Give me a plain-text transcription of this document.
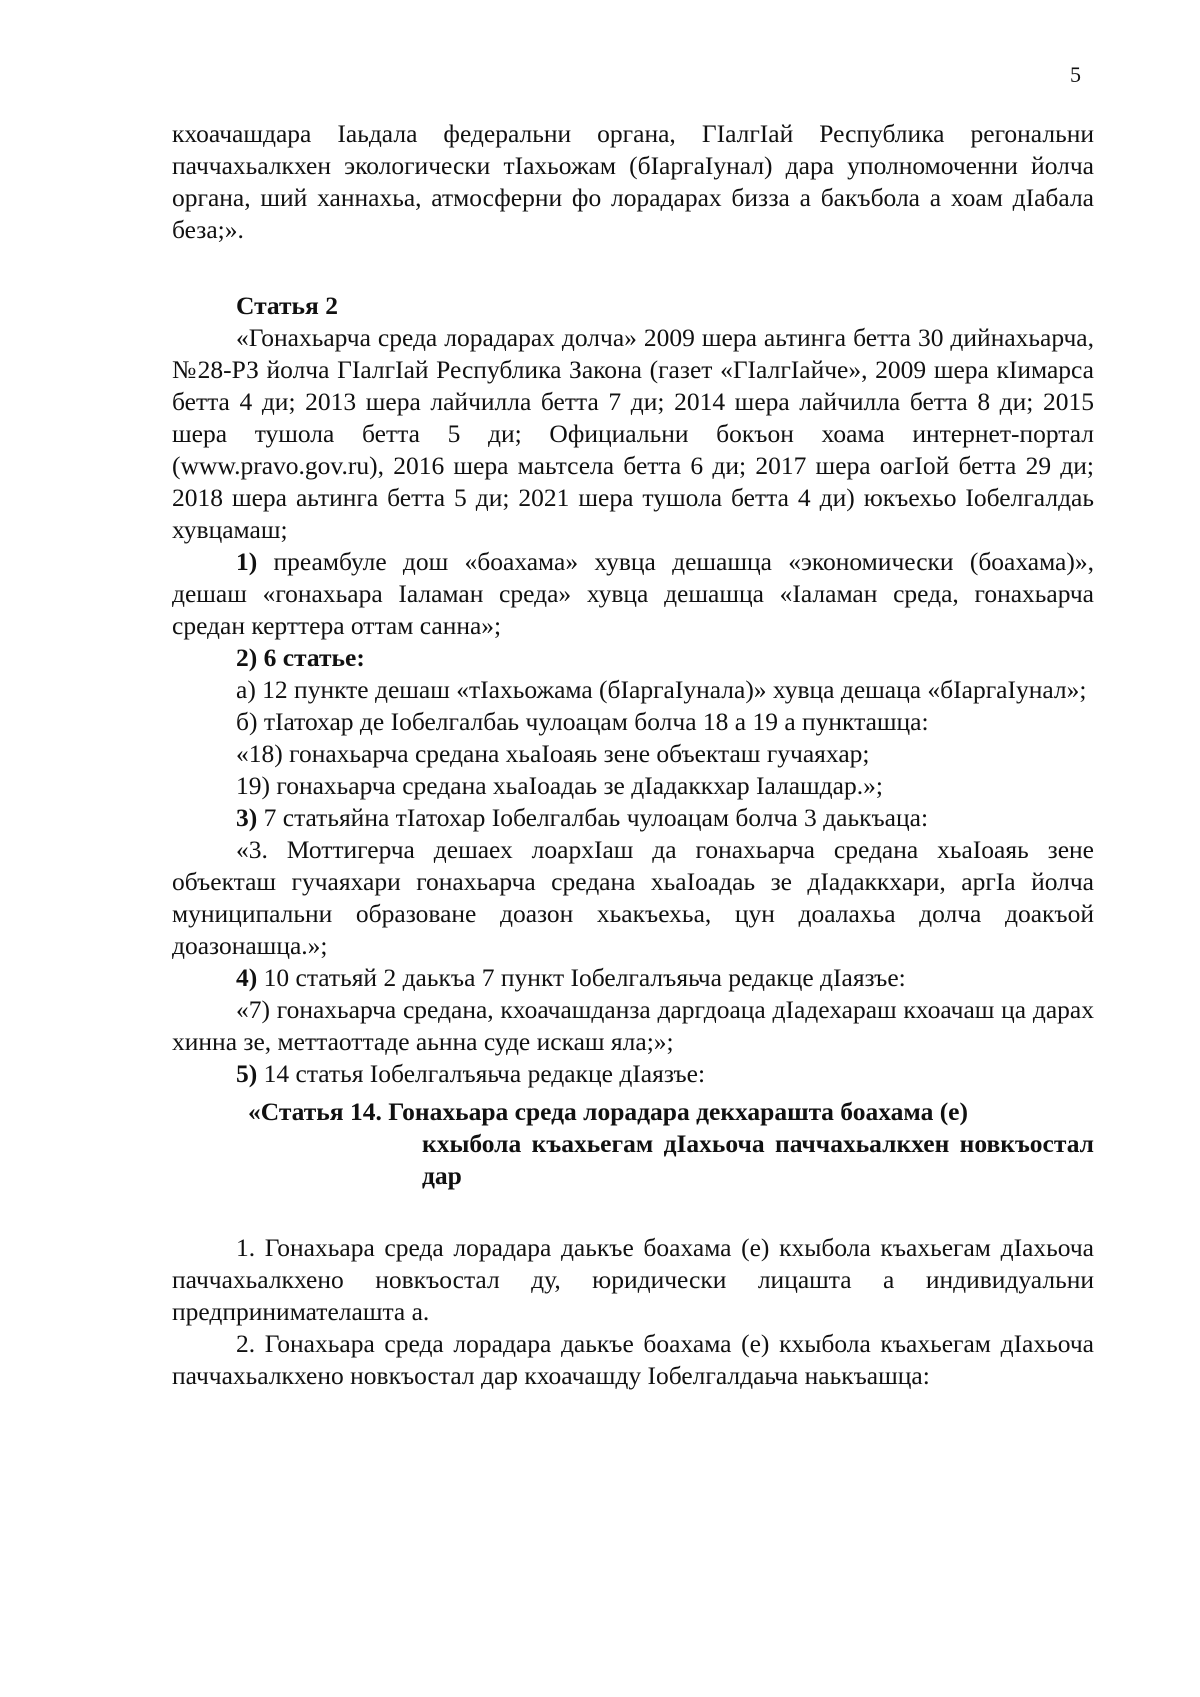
5

кхоачашдара Iаьдала федеральни органа, ГIалгIай Республика регональни паччахьалкхен экологически тIахьожам (бIаргаIунал) дара уполномоченни йолча органа, ший ханнахьа, атмосферни фо лорадарах бизза а бакъбола а хоам дIабала беза;».

Статья 2

«Гонахьарча среда лорадарах долча» 2009 шера аьтинга бетта 30 дийнахьарча, №28-РЗ йолча ГIалгIай Республика Закона (газет «ГIалгIайче», 2009 шера кIимарса бетта 4 ди; 2013 шера лайчилла бетта 7 ди; 2014 шера лайчилла бетта 8 ди; 2015 шера тушола бетта 5 ди; Официальни бокъон хоама интернет-портал (www.pravo.gov.ru), 2016 шера маьтсела бетта 6 ди; 2017 шера оагIой бетта 29 ди; 2018 шера аьтинга бетта 5 ди; 2021 шера тушола бетта 4 ди) юкъехьо Iобелгалдаь хувцамаш;

1) преамбуле дош «боахама» хувца дешашца «экономически (боахама)», дешаш «гонахьара Iаламан среда» хувца дешашца «Iаламан среда, гонахьарча средан керттера оттам санна»;

2) 6 статье:

а) 12 пункте дешаш «тIахьожама (бIаргаIунала)» хувца дешаца «бIаргаIунал»;

б) тIатохар де Iобелгалбаь чулоацам болча 18 а 19 а пункташца:

«18) гонахьарча средана хьаIоаяь зене объекташ гучаяхар;

19) гонахьарча средана хьаIоадаь зе дIадаккхар Iалашдар.»;

3) 7 статьяйна тIатохар Iобелгалбаь чулоацам болча 3 даькъаца:

«3. Моттигерча дешаех лоархIаш да гонахьарча средана хьаIоаяь зене объекташ гучаяхари гонахьарча средана хьаIоадаь зе дIадаккхари, аргIа йолча муниципальни образоване доазон хьакъехьа, цун доалахьа долча доакъой доазонашца.»;

4) 10 статьяй 2 даькъа 7 пункт Iобелгалъяьча редакце дIаязъе:

«7) гонахьарча средана, кхоачашданза даргдоаца дIадехараш кхоачаш ца дарах хинна зе, меттаоттаде аьнна суде искаш яла;»;

5) 14 статья Iобелгалъяьча редакце дIаязъе:

«Статья 14. Гонахьара среда лорадара декхараштa боахама (е)
кхыбола къахьегам дIахьоча паччахьалкхен новкъостал дар

1. Гонахьара среда лорадара даькъе боахама (е) кхыбола къахьегам дIахьоча паччахьалкхено новкъостал ду, юридически лицашта а индивидуальни предпринимателашта а.

2. Гонахьара среда лорадара даькъе боахама (е) кхыбола къахьегам дIахьоча паччахьалкхено новкъостал дар кхоачашду Iобелгалдаьча наькъашца:
